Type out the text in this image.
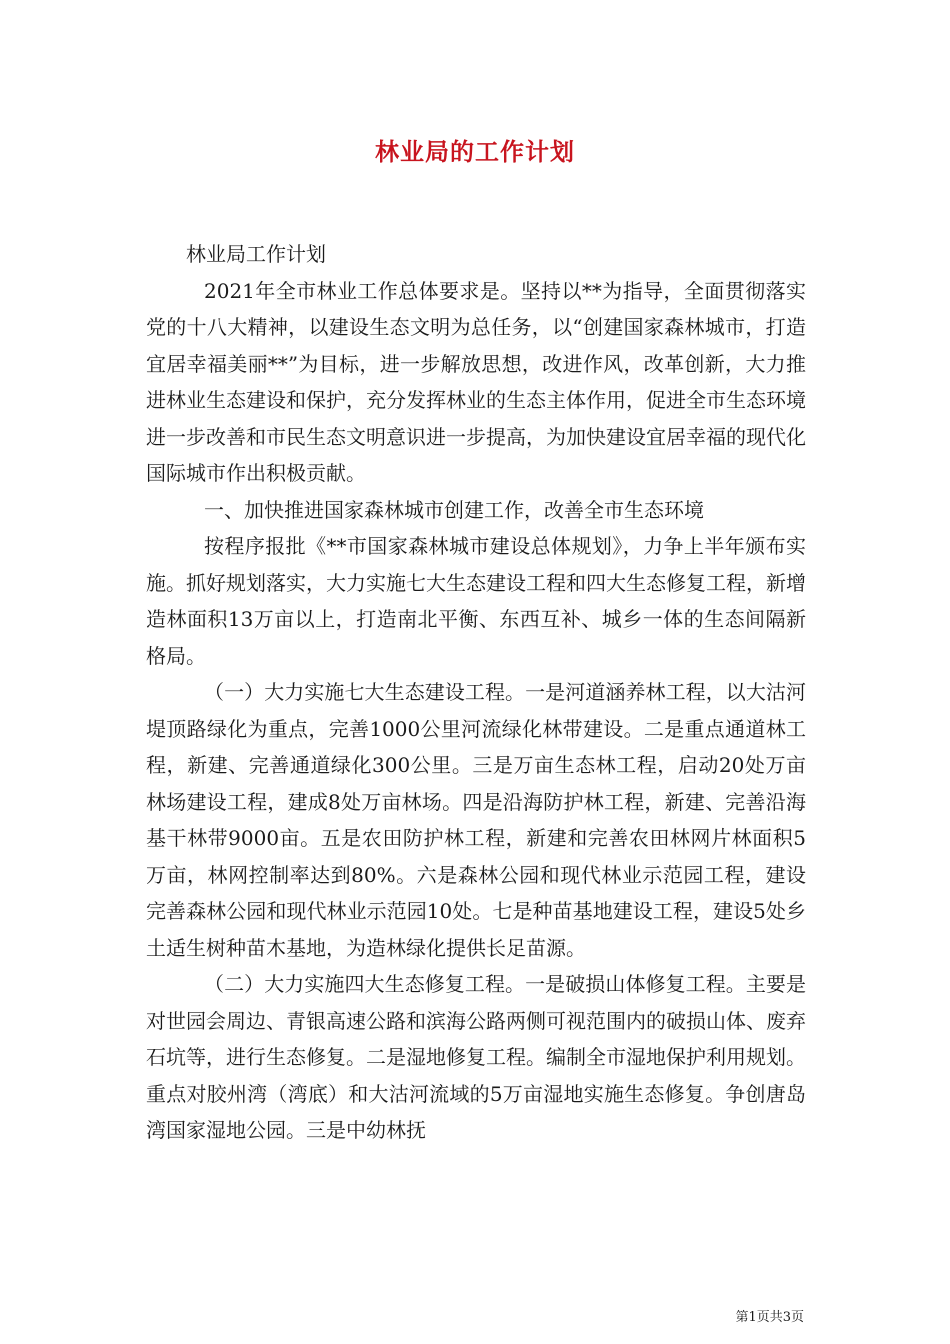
林业局的工作计划

林业局工作计划

2021年全市林业工作总体要求是。坚持以**为指导，全面贯彻落实党的十八大精神，以建设生态文明为总任务，以“创建国家森林城市，打造宜居幸福美丽**”为目标，进一步解放思想，改进作风，改革创新，大力推进林业生态建设和保护，充分发挥林业的生态主体作用，促进全市生态环境进一步改善和市民生态文明意识进一步提高，为加快建设宜居幸福的现代化国际城市作出积极贡献。

一、加快推进国家森林城市创建工作，改善全市生态环境

按程序报批《**市国家森林城市建设总体规划》，力争上半年颁布实施。抓好规划落实，大力实施七大生态建设工程和四大生态修复工程，新增造林面积13万亩以上，打造南北平衡、东西互补、城乡一体的生态间隔新格局。

（一）大力实施七大生态建设工程。一是河道涵养林工程，以大沽河堤顶路绿化为重点，完善1000公里河流绿化林带建设。二是重点通道林工程，新建、完善通道绿化300公里。三是万亩生态林工程，启动20处万亩林场建设工程，建成8处万亩林场。四是沿海防护林工程，新建、完善沿海基干林带9000亩。五是农田防护林工程，新建和完善农田林网片林面积5万亩，林网控制率达到80%。六是森林公园和现代林业示范园工程，建设完善森林公园和现代林业示范园10处。七是种苗基地建设工程，建设5处乡土适生树种苗木基地，为造林绿化提供长足苗源。

（二）大力实施四大生态修复工程。一是破损山体修复工程。主要是对世园会周边、青银高速公路和滨海公路两侧可视范围内的破损山体、废弃石坑等，进行生态修复。二是湿地修复工程。编制全市湿地保护利用规划。重点对胶州湾（湾底）和大沽河流域的5万亩湿地实施生态修复。争创唐岛湾国家湿地公园。三是中幼林抚

第1页共3页
